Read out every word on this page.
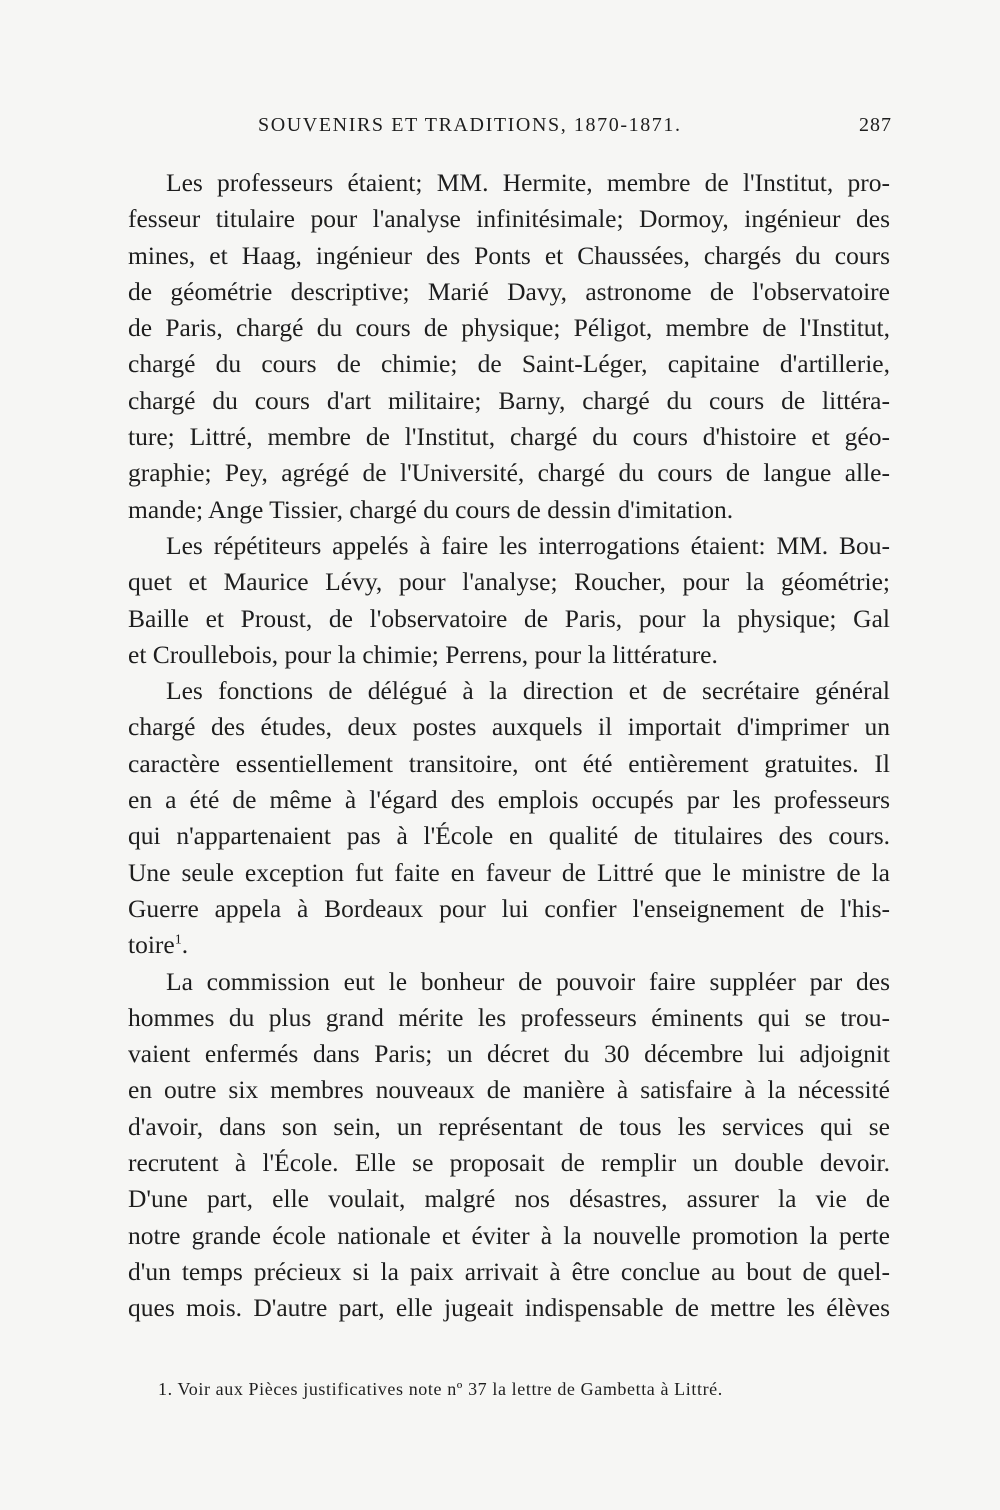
SOUVENIRS ET TRADITIONS, 1870-1871.	287
Les professeurs étaient; MM. Hermite, membre de l'Institut, pro-
fesseur titulaire pour l'analyse infinitésimale; Dormoy, ingénieur des
mines, et Haag, ingénieur des Ponts et Chaussées, chargés du cours
de géométrie descriptive; Marié Davy, astronome de l'observatoire
de Paris, chargé du cours de physique; Péligot, membre de l'Institut,
chargé du cours de chimie; de Saint-Léger, capitaine d'artillerie,
chargé du cours d'art militaire; Barny, chargé du cours de littéra-
ture; Littré, membre de l'Institut, chargé du cours d'histoire et géo-
graphie; Pey, agrégé de l'Université, chargé du cours de langue alle-
mande; Ange Tissier, chargé du cours de dessin d'imitation.
Les répétiteurs appelés à faire les interrogations étaient: MM. Bou-
quet et Maurice Lévy, pour l'analyse; Roucher, pour la géométrie;
Baille et Proust, de l'observatoire de Paris, pour la physique; Gal
et Croullebois, pour la chimie; Perrens, pour la littérature.
Les fonctions de délégué à la direction et de secrétaire général
chargé des études, deux postes auxquels il importait d'imprimer un
caractère essentiellement transitoire, ont été entièrement gratuites. Il
en a été de même à l'égard des emplois occupés par les professeurs
qui n'appartenaient pas à l'École en qualité de titulaires des cours.
Une seule exception fut faite en faveur de Littré que le ministre de la
Guerre appela à Bordeaux pour lui confier l'enseignement de l'his-
toire$^1$.
La commission eut le bonheur de pouvoir faire suppléer par des
hommes du plus grand mérite les professeurs éminents qui se trou-
vaient enfermés dans Paris; un décret du 30 décembre lui adjoignit
en outre six membres nouveaux de manière à satisfaire à la nécessité
d'avoir, dans son sein, un représentant de tous les services qui se
recrutent à l'École. Elle se proposait de remplir un double devoir.
D'une part, elle voulait, malgré nos désastres, assurer la vie de
notre grande école nationale et éviter à la nouvelle promotion la perte
d'un temps précieux si la paix arrivait à être conclue au bout de quel-
ques mois. D'autre part, elle jugeait indispensable de mettre les élèves
1. Voir aux Pièces justificatives note nº 37 la lettre de Gambetta à Littré.
